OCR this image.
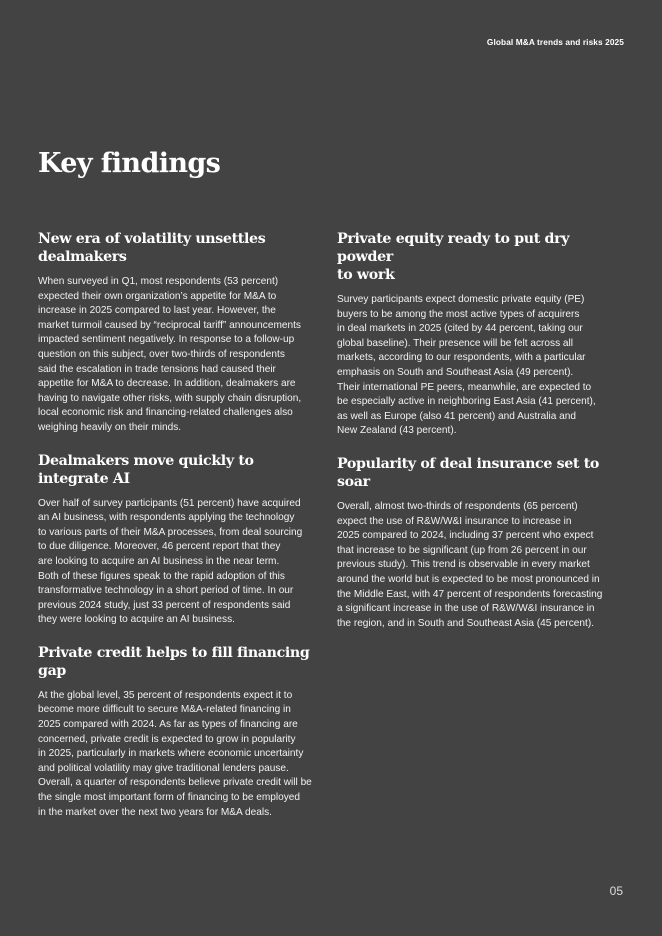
Global M&A trends and risks 2025
Key findings
New era of volatility unsettles dealmakers

When surveyed in Q1, most respondents (53 percent)
expected their own organization’s appetite for M&A to
increase in 2025 compared to last year. However, the
market turmoil caused by “reciprocal tariff” announcements
impacted sentiment negatively. In response to a follow-up
question on this subject, over two-thirds of respondents
said the escalation in trade tensions had caused their
appetite for M&A to decrease. In addition, dealmakers are
having to navigate other risks, with supply chain disruption,
local economic risk and financing-related challenges also
weighing heavily on their minds.

Dealmakers move quickly to integrate AI

Over half of survey participants (51 percent) have acquired
an AI business, with respondents applying the technology
to various parts of their M&A processes, from deal sourcing
to due diligence. Moreover, 46 percent report that they
are looking to acquire an AI business in the near term.
Both of these figures speak to the rapid adoption of this
transformative technology in a short period of time. In our
previous 2024 study, just 33 percent of respondents said
they were looking to acquire an AI business.

Private credit helps to fill financing gap

At the global level, 35 percent of respondents expect it to
become more difficult to secure M&A-related financing in
2025 compared with 2024. As far as types of financing are
concerned, private credit is expected to grow in popularity
in 2025, particularly in markets where economic uncertainty
and political volatility may give traditional lenders pause.
Overall, a quarter of respondents believe private credit will be
the single most important form of financing to be employed
in the market over the next two years for M&A deals.

Private equity ready to put dry powder
to work

Survey participants expect domestic private equity (PE)
buyers to be among the most active types of acquirers
in deal markets in 2025 (cited by 44 percent, taking our
global baseline). Their presence will be felt across all
markets, according to our respondents, with a particular
emphasis on South and Southeast Asia (49 percent).
Their international PE peers, meanwhile, are expected to
be especially active in neighboring East Asia (41 percent),
as well as Europe (also 41 percent) and Australia and
New Zealand (43 percent).

Popularity of deal insurance set to soar

Overall, almost two-thirds of respondents (65 percent)
expect the use of R&W/W&I insurance to increase in
2025 compared to 2024, including 37 percent who expect
that increase to be significant (up from 26 percent in our
previous study). This trend is observable in every market
around the world but is expected to be most pronounced in
the Middle East, with 47 percent of respondents forecasting
a significant increase in the use of R&W/W&I insurance in
the region, and in South and Southeast Asia (45 percent).

05
